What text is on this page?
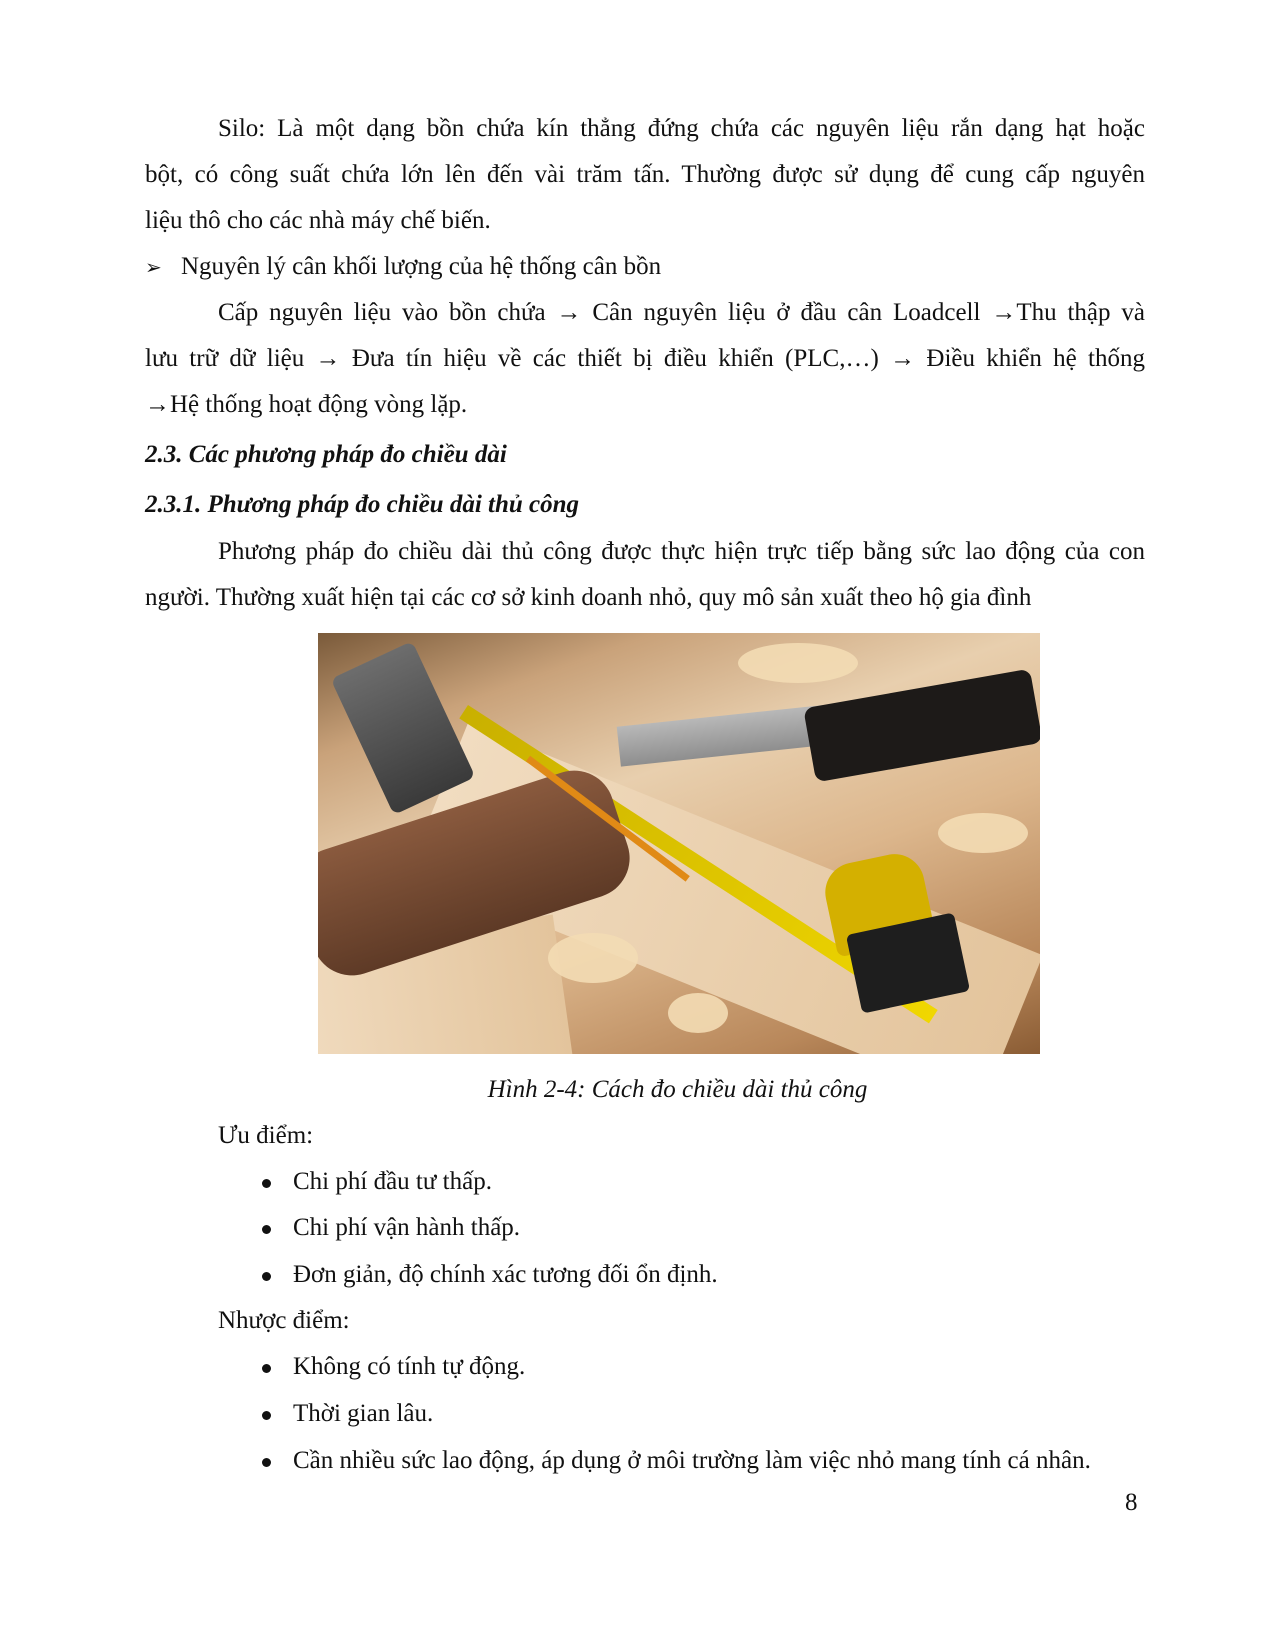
Silo: Là một dạng bồn chứa kín thẳng đứng chứa các nguyên liệu rắn dạng hạt hoặc
bột, có công suất chứa lớn lên đến vài trăm tấn. Thường được sử dụng để cung cấp nguyên
liệu thô cho các nhà máy chế biến.
➢ Nguyên lý cân khối lượng của hệ thống cân bồn
Cấp nguyên liệu vào bồn chứa → Cân nguyên liệu ở đầu cân Loadcell →Thu thập và
lưu trữ dữ liệu → Đưa tín hiệu về các thiết bị điều khiển (PLC,…) → Điều khiển hệ thống
→Hệ thống hoạt động vòng lặp.
2.3. Các phương pháp đo chiều dài
2.3.1. Phương pháp đo chiều dài thủ công
Phương pháp đo chiều dài thủ công được thực hiện trực tiếp bằng sức lao động của con
người. Thường xuất hiện tại các cơ sở kinh doanh nhỏ, quy mô sản xuất theo hộ gia đình
Hình 2-4: Cách đo chiều dài thủ công
Ưu điểm:
Chi phí đầu tư thấp.
Chi phí vận hành thấp.
Đơn giản, độ chính xác tương đối ổn định.
Nhược điểm:
Không có tính tự động.
Thời gian lâu.
Cần nhiều sức lao động, áp dụng ở môi trường làm việc nhỏ mang tính cá nhân.
8
